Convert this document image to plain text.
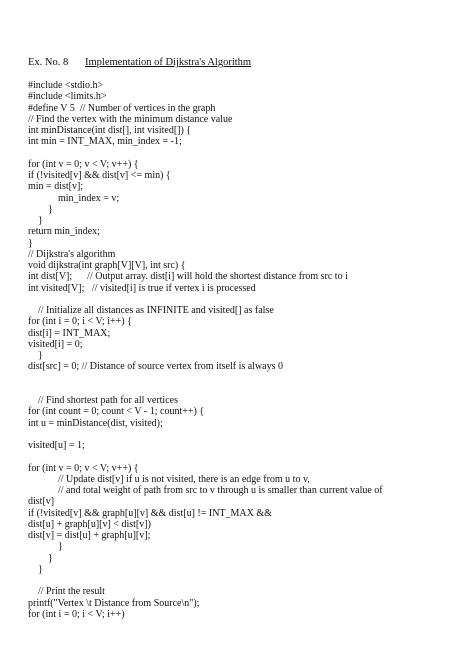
Ex. No. 8 Implementation of Dijkstra's Algorithm
#include <stdio.h>
#include <limits.h>
#define V 5  // Number of vertices in the graph
// Find the vertex with the minimum distance value
int minDistance(int dist[], int visited[]) {
int min = INT_MAX, min_index = -1;
for (int v = 0; v < V; v++) {
if (!visited[v] && dist[v] <= min) {
min = dist[v];
min_index = v;
}
}
return min_index;
}
// Dijkstra's algorithm
void dijkstra(int graph[V][V], int src) {
int dist[V];      // Output array. dist[i] will hold the shortest distance from src to i
int visited[V];   // visited[i] is true if vertex i is processed
// Initialize all distances as INFINITE and visited[] as false
for (int i = 0; i < V; i++) {
dist[i] = INT_MAX;
visited[i] = 0;
}
dist[src] = 0; // Distance of source vertex from itself is always 0
// Find shortest path for all vertices
for (int count = 0; count < V - 1; count++) {
int u = minDistance(dist, visited);
visited[u] = 1;
for (int v = 0; v < V; v++) {
// Update dist[v] if u is not visited, there is an edge from u to v,
// and total weight of path from src to v through u is smaller than current value of
dist[v]
if (!visited[v] && graph[u][v] && dist[u] != INT_MAX &&
dist[u] + graph[u][v] < dist[v])
dist[v] = dist[u] + graph[u][v];
}
}
}
// Print the result
printf("Vertex \t Distance from Source\n");
for (int i = 0; i < V; i++)
